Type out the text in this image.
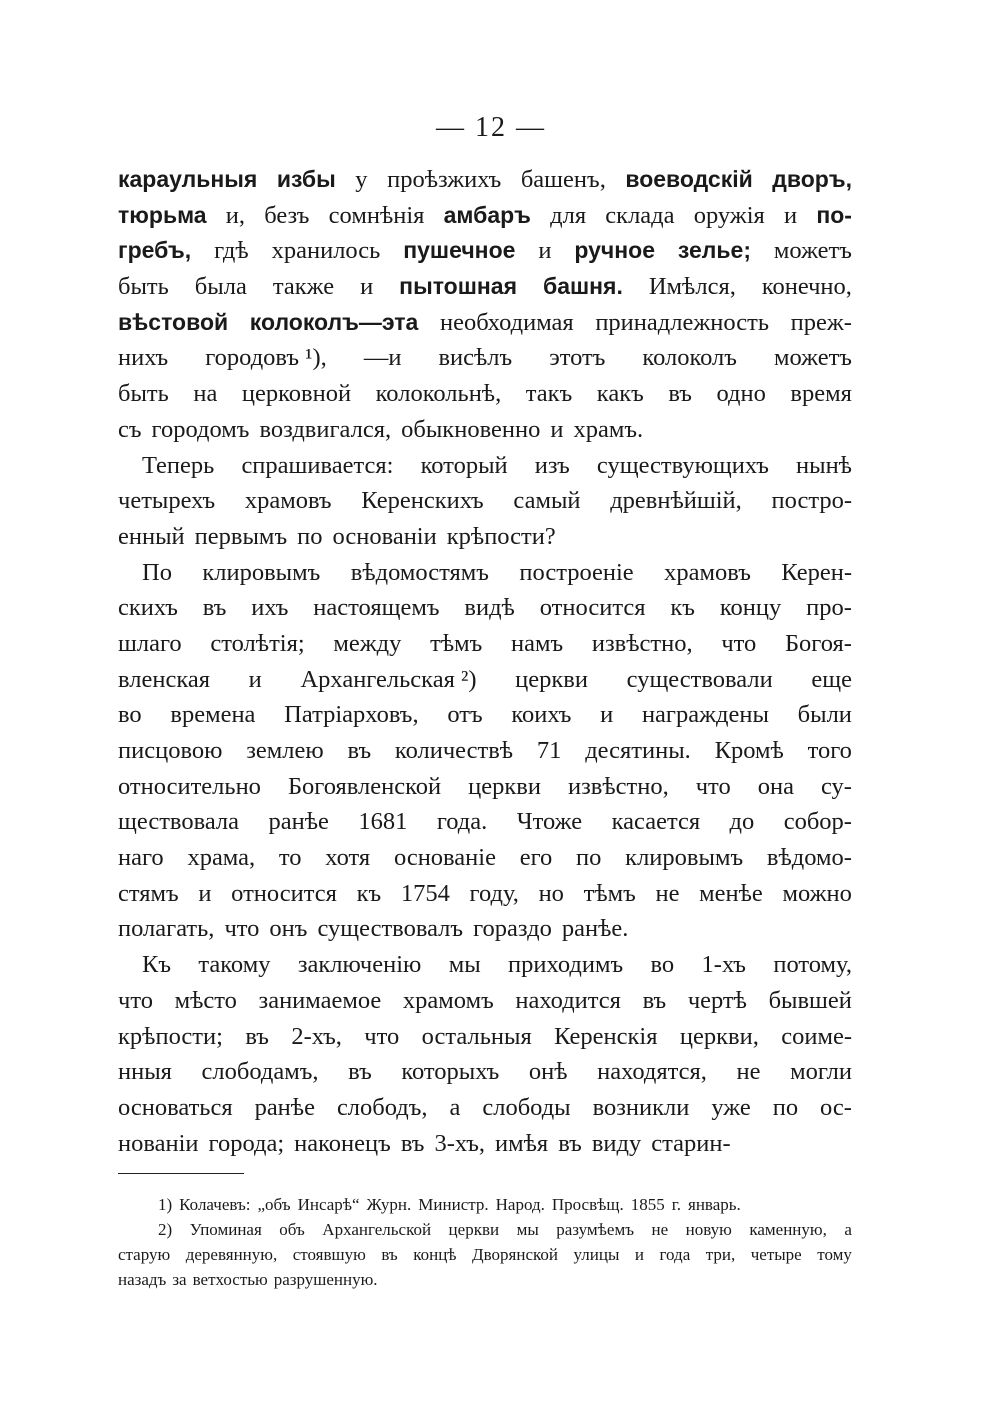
— 12 —
караульныя избы у проѣзжихъ башенъ, воеводскій дворъ,
тюрьма и, безъ сомнѣнія амбаръ для склада оружія и по-
гребъ, гдѣ хранилось пушечное и ручное зелье; можетъ
быть была также и пытошная башня. Имѣлся, конечно,
вѣстовой колоколъ—эта необходимая принадлежность преж-
нихъ городовъ ¹), —и висѣлъ этотъ колоколъ можетъ
быть на церковной колокольнѣ, такъ какъ въ одно время
съ городомъ воздвигался, обыкновенно и храмъ.
Теперь спрашивается: который изъ существующихъ нынѣ
четырехъ храмовъ Керенскихъ самый древнѣйшій, постро-
енный первымъ по основаніи крѣпости?
По клировымъ вѣдомостямъ построеніе храмовъ Керен-
скихъ въ ихъ настоящемъ видѣ относится къ концу про-
шлаго столѣтія; между тѣмъ намъ извѣстно, что Богоя-
вленская и Архангельская ²) церкви существовали еще
во времена Патріарховъ, отъ коихъ и награждены были
писцовою землею въ количествѣ 71 десятины. Кромѣ того
относительно Богоявленской церкви извѣстно, что она су-
ществовала ранѣе 1681 года. Чтоже касается до собор-
наго храма, то хотя основаніе его по клировымъ вѣдомо-
стямъ и относится къ 1754 году, но тѣмъ не менѣе можно
полагать, что онъ существовалъ гораздо ранѣе.
Къ такому заключенію мы приходимъ во 1-хъ потому,
что мѣсто занимаемое храмомъ находится въ чертѣ бывшей
крѣпости; въ 2-хъ, что остальныя Керенскія церкви, соиме-
нныя слободамъ, въ которыхъ онѣ находятся, не могли
основаться ранѣе слободъ, а слободы возникли уже по ос-
нованіи города; наконецъ въ 3-хъ, имѣя въ виду старин-
1) Колачевъ: „объ Инсарѣ“ Журн. Министр. Народ. Просвѣщ. 1855 г. январь.
2) Упоминая объ Архангельской церкви мы разумѣемъ не новую каменную, а
старую деревянную, стоявшую въ концѣ Дворянской улицы и года три, четыре тому
назадъ за ветхостью разрушенную.
